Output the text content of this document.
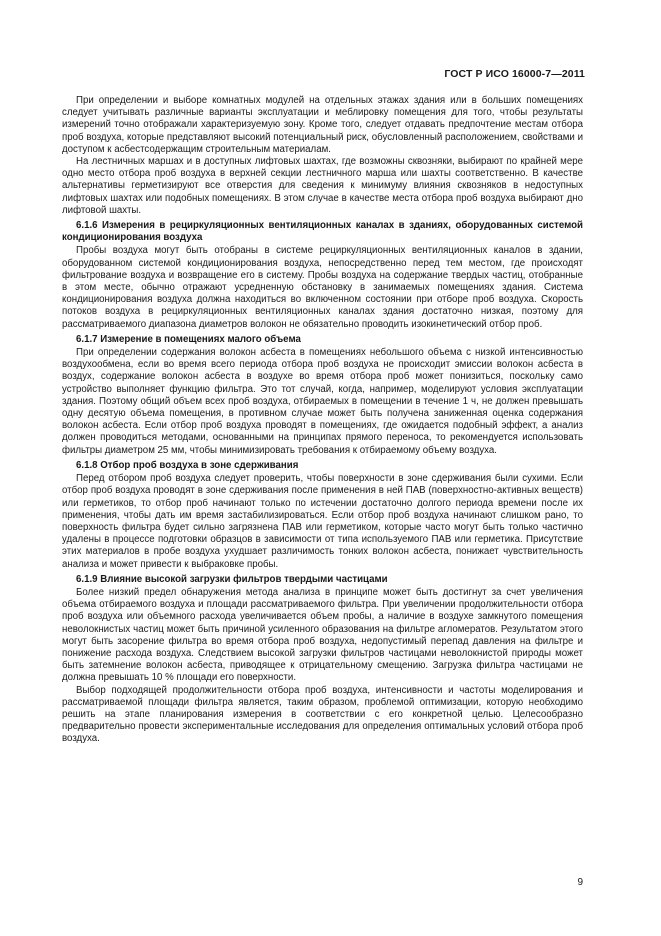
ГОСТ Р ИСО 16000-7—2011

При определении и выборе комнатных модулей на отдельных этажах здания или в больших помещениях следует учитывать различные варианты эксплуатации и меблировку помещения для того, чтобы результаты измерений точно отображали характеризуемую зону. Кроме того, следует отдавать предпочтение местам отбора проб воздуха, которые представляют высокий потенциальный риск, обусловленный расположением, свойствами и доступом к асбестсодержащим строительным материалам.

На лестничных маршах и в доступных лифтовых шахтах, где возможны сквозняки, выбирают по крайней мере одно место отбора проб воздуха в верхней секции лестничного марша или шахты соответственно. В качестве альтернативы герметизируют все отверстия для сведения к минимуму влияния сквозняков в недоступных лифтовых шахтах или подобных помещениях. В этом случае в качестве места отбора проб воздуха выбирают дно лифтовой шахты.

6.1.6 Измерения в рециркуляционных вентиляционных каналах в зданиях, оборудованных системой кондиционирования воздуха

Пробы воздуха могут быть отобраны в системе рециркуляционных вентиляционных каналов в здании, оборудованном системой кондиционирования воздуха, непосредственно перед тем местом, где происходят фильтрование воздуха и возвращение его в систему. Пробы воздуха на содержание твердых частиц, отобранные в этом месте, обычно отражают усредненную обстановку в занимаемых помещениях здания. Система кондиционирования воздуха должна находиться во включенном состоянии при отборе проб воздуха. Скорость потоков воздуха в рециркуляционных вентиляционных каналах здания достаточно низкая, поэтому для рассматриваемого диапазона диаметров волокон не обязательно проводить изокинетический отбор проб.

6.1.7 Измерение в помещениях малого объема

При определении содержания волокон асбеста в помещениях небольшого объема с низкой интенсивностью воздухообмена, если во время всего периода отбора проб воздуха не происходит эмиссии волокон асбеста в воздух, содержание волокон асбеста в воздухе во время отбора проб может понизиться, поскольку само устройство выполняет функцию фильтра. Это тот случай, когда, например, моделируют условия эксплуатации здания. Поэтому общий объем всех проб воздуха, отбираемых в помещении в течение 1 ч, не должен превышать одну десятую объема помещения, в противном случае может быть получена заниженная оценка содержания волокон асбеста. Если отбор проб воздуха проводят в помещениях, где ожидается подобный эффект, а анализ должен проводиться методами, основанными на принципах прямого переноса, то рекомендуется использовать фильтры диаметром 25 мм, чтобы минимизировать требования к отбираемому объему воздуха.

6.1.8 Отбор проб воздуха в зоне сдерживания

Перед отбором проб воздуха следует проверить, чтобы поверхности в зоне сдерживания были сухими. Если отбор проб воздуха проводят в зоне сдерживания после применения в ней ПАВ (поверхностно-активных веществ) или герметиков, то отбор проб начинают только по истечении достаточно долгого периода времени после их применения, чтобы дать им время застабилизироваться. Если отбор проб воздуха начинают слишком рано, то поверхность фильтра будет сильно загрязнена ПАВ или герметиком, которые часто могут быть только частично удалены в процессе подготовки образцов в зависимости от типа используемого ПАВ или герметика. Присутствие этих материалов в пробе воздуха ухудшает различимость тонких волокон асбеста, понижает чувствительность анализа и может привести к выбраковке пробы.

6.1.9 Влияние высокой загрузки фильтров твердыми частицами

Более низкий предел обнаружения метода анализа в принципе может быть достигнут за счет увеличения объема отбираемого воздуха и площади рассматриваемого фильтра. При увеличении продолжительности отбора проб воздуха или объемного расхода увеличивается объем пробы, а наличие в воздухе замкнутого помещения неволокнистых частиц может быть причиной усиленного образования на фильтре агломератов. Результатом этого могут быть засорение фильтра во время отбора проб воздуха, недопустимый перепад давления на фильтре и понижение расхода воздуха. Следствием высокой загрузки фильтров частицами неволокнистой природы может быть затемнение волокон асбеста, приводящее к отрицательному смещению. Загрузка фильтра частицами не должна превышать 10 % площади его поверхности.

Выбор подходящей продолжительности отбора проб воздуха, интенсивности и частоты моделирования и рассматриваемой площади фильтра является, таким образом, проблемой оптимизации, которую необходимо решить на этапе планирования измерения в соответствии с его конкретной целью. Целесообразно предварительно провести экспериментальные исследования для определения оптимальных условий отбора проб воздуха.

9
